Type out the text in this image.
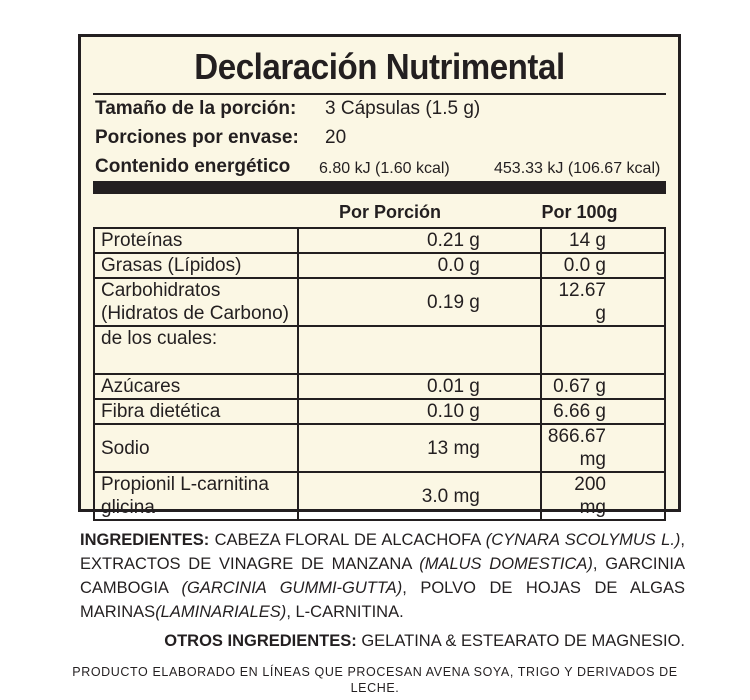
Declaración Nutrimental
Tamaño de la porción: 3 Cápsulas (1.5 g)
Porciones por envase: 20
Contenido energético 6.80 kJ (1.60 kcal)	453.33 kJ (106.67 kcal)
Por Porción	Por 100g
Proteínas	0.21 g	14 g
Grasas (Lípidos)	0.0 g	0.0 g

Carbohidratos
(Hidratos de Carbono)	0.19 g	12.67 g

de los cuales:		

Azúcares	0.01 g	0.67 g
Fibra dietética	0.10 g	6.66 g
Sodio	13 mg	866.67 mg

Propionil L-carnitina
glicina	3.0 mg	200 mg
INGREDIENTES: CABEZA FLORAL DE ALCACHOFA (CYNARA SCOLYMUS L.), EXTRACTOS DE VINAGRE DE MANZANA (MALUS DOMESTICA), GARCINIA CAMBOGIA (GARCINIA GUMMI-GUTTA), POLVO DE HOJAS DE ALGAS MARINAS(LAMINARIALES), L-CARNITINA.
OTROS INGREDIENTES: GELATINA & ESTEARATO DE MAGNESIO.
PRODUCTO ELABORADO EN LÍNEAS QUE PROCESAN AVENA SOYA, TRIGO Y DERIVADOS DE LECHE.
